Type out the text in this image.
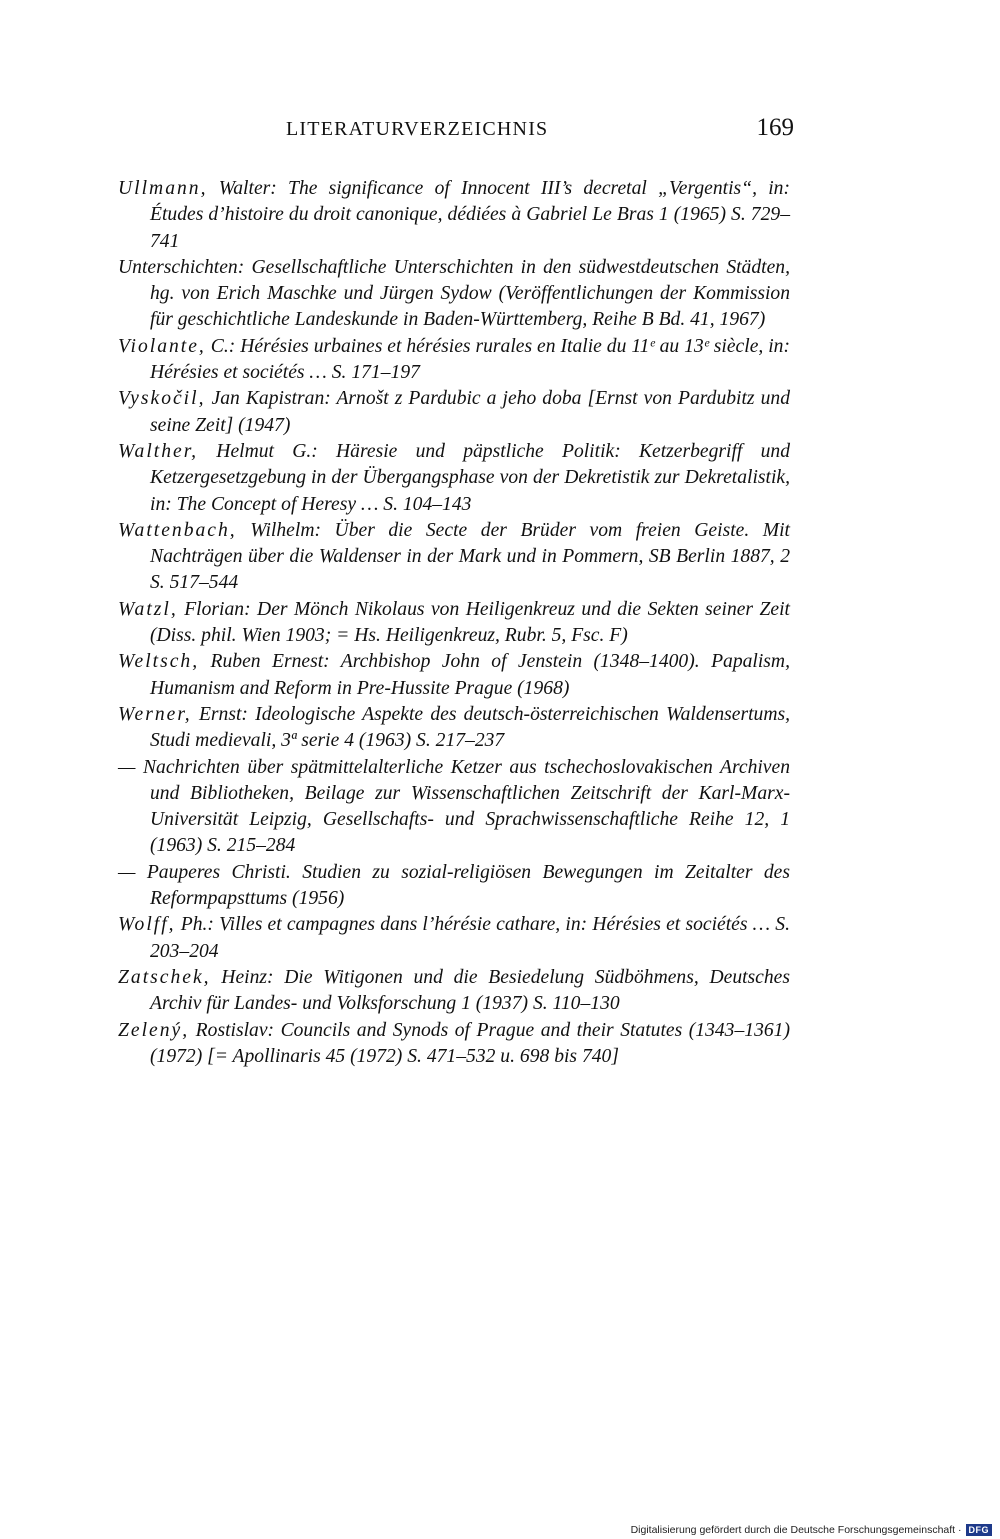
LITERATURVERZEICHNIS	169

Ullmann, Walter: The significance of Innocent III’s decretal „Vergentis“, in: Études d’histoire du droit canonique, dédiées à Gabriel Le Bras 1 (1965) S. 729–741

Unterschichten: Gesellschaftliche Unterschichten in den südwestdeutschen Städten, hg. von Erich Maschke und Jürgen Sydow (Veröffentlichungen der Kommission für geschichtliche Landeskunde in Baden-Württemberg, Reihe B Bd. 41, 1967)

Violante, C.: Hérésies urbaines et hérésies rurales en Italie du 11ᵉ au 13ᵉ siècle, in: Hérésies et sociétés … S. 171–197

Vyskočil, Jan Kapistran: Arnošt z Pardubic a jeho doba [Ernst von Pardubitz und seine Zeit] (1947)

Walther, Helmut G.: Häresie und päpstliche Politik: Ketzerbegriff und Ketzergesetzgebung in der Übergangsphase von der Dekretistik zur Dekretalistik, in: The Concept of Heresy … S. 104–143

Wattenbach, Wilhelm: Über die Secte der Brüder vom freien Geiste. Mit Nachträgen über die Waldenser in der Mark und in Pommern, SB Berlin 1887, 2 S. 517–544

Watzl, Florian: Der Mönch Nikolaus von Heiligenkreuz und die Sekten seiner Zeit (Diss. phil. Wien 1903; = Hs. Heiligenkreuz, Rubr. 5, Fsc. F)

Weltsch, Ruben Ernest: Archbishop John of Jenstein (1348–1400). Papalism, Humanism and Reform in Pre-Hussite Prague (1968)

Werner, Ernst: Ideologische Aspekte des deutsch-österreichischen Waldensertums, Studi medievali, 3ª serie 4 (1963) S. 217–237

— Nachrichten über spätmittelalterliche Ketzer aus tschechoslovakischen Archiven und Bibliotheken, Beilage zur Wissenschaftlichen Zeitschrift der Karl-Marx-Universität Leipzig, Gesellschafts- und Sprachwissenschaftliche Reihe 12, 1 (1963) S. 215–284

— Pauperes Christi. Studien zu sozial-religiösen Bewegungen im Zeitalter des Reformpapsttums (1956)

Wolff, Ph.: Villes et campagnes dans l’hérésie cathare, in: Hérésies et sociétés … S. 203–204

Zatschek, Heinz: Die Witigonen und die Besiedelung Südböhmens, Deutsches Archiv für Landes- und Volksforschung 1 (1937) S. 110–130

Zelený, Rostislav: Councils and Synods of Prague and their Statutes (1343–1361) (1972) [= Apollinaris 45 (1972) S. 471–532 u. 698 bis 740]

Digitalisierung gefördert durch die Deutsche Forschungsgemeinschaft · DFG
